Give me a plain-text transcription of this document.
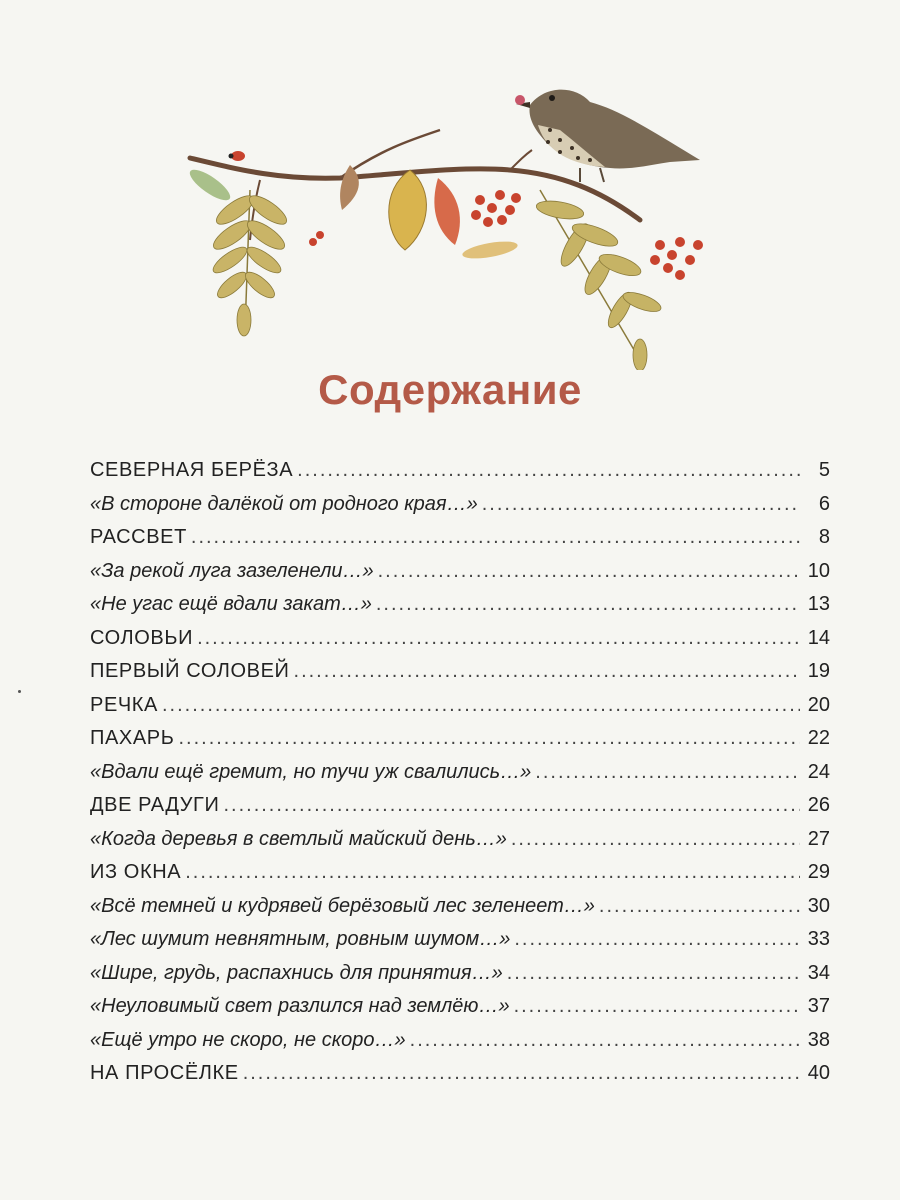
Содержание
СЕВЕРНАЯ БЕРЁЗА .....	5
«В стороне далёкой от родного края…» .....	6
РАССВЕТ .....	8
«За рекой луга зазеленели…» .....	10
«Не угас ещё вдали закат…» .....	13
СОЛОВЬИ .....	14
ПЕРВЫЙ СОЛОВЕЙ .....	19
РЕЧКА .....	20
ПАХАРЬ .....	22
«Вдали ещё гремит, но тучи уж свалились…» .....	24
ДВЕ РАДУГИ .....	26
«Когда деревья в светлый майский день…» .....	27
ИЗ ОКНА .....	29
«Всё темней и кудрявей берёзовый лес зеленеет…» .....	30
«Лес шумит невнятным, ровным шумом…» .....	33
«Шире, грудь, распахнись для принятия…» .....	34
«Неуловимый свет разлился над землёю…» .....	37
«Ещё утро не скоро, не скоро…» .....	38
НА ПРОСЁЛКЕ .....	40
